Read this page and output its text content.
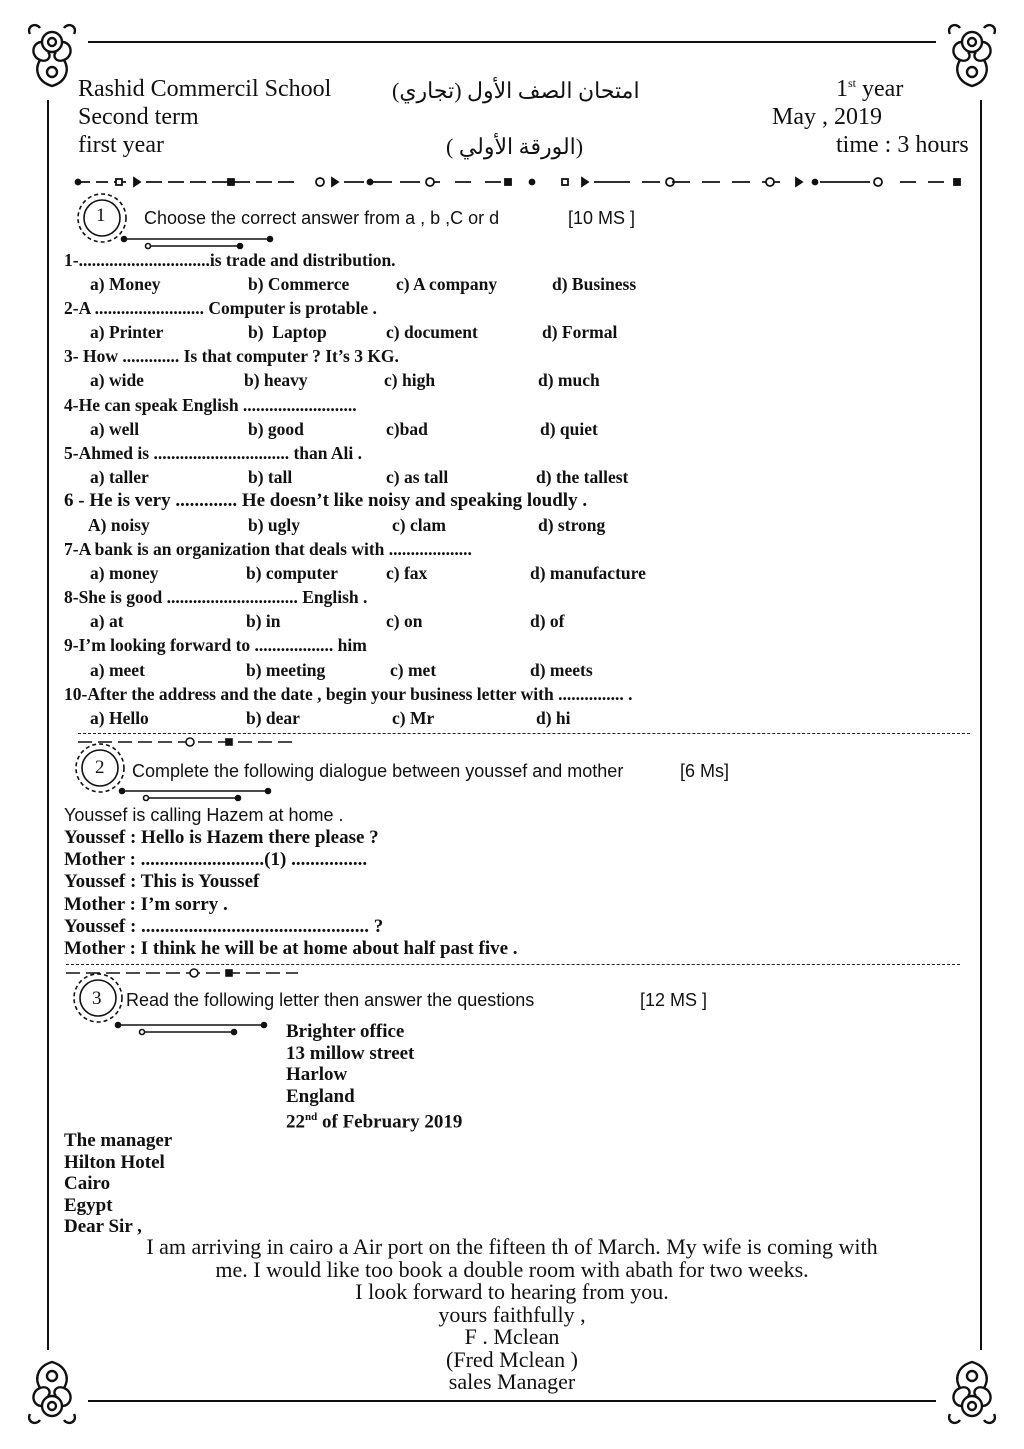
Rashid Commercil School	امتحان الصف الأول (تجاري)	1st year
Second term	May , 2019
first year	(الورقة الأولي )	time : 3 hours
1 Choose the correct answer from a , b ,C or d	[10 MS ]
1-..............................is trade and distribution.
a) Money	b) Commerce	c) A company	d) Business
2-A ......................... Computer is protable .
a) Printer	b)  Laptop	c) document	d) Formal
3- How ............. Is that computer ? It’s 3 KG.
a) wide	b) heavy	c) high	d) much
4-He can speak English ..........................
a) well	b) good	c)bad	d) quiet
5-Ahmed is ............................... than Ali .
a) taller	b) tall	c) as tall	d) the tallest
6 - He is very ............. He doesn’t like noisy and speaking loudly .
A) noisy	b) ugly	c) clam	d) strong
7-A bank is an organization that deals with ...................
a) money	b) computer	c) fax	d) manufacture
8-She is good .............................. English .
a) at	b) in	c) on	d) of
9-I’m looking forward to .................. him
a) meet	b) meeting	c) met	d) meets
10-After the address and the date , begin your business letter with ............... .
a) Hello	b) dear	c) Mr	d) hi
2 Complete the following dialogue between youssef and mother	[6 Ms]
Youssef is calling Hazem at home .
Youssef : Hello is Hazem there please ?
Mother : ..........................(1) ................
Youssef : This is Youssef
Mother : I’m sorry .
Youssef : ................................................ ?
Mother : I think he will be at home about half past five .
3 Read the following letter then answer the questions	[12 MS ]
Brighter office
13 millow street
Harlow
England
22nd of February 2019
The manager
Hilton Hotel
Cairo
Egypt
Dear Sir ,
I am arriving in cairo a Air port on the fifteen th of March. My wife is coming with
me. I would like too book a double room with abath for two weeks.
I look forward to hearing from you.
yours faithfully ,
F . Mclean
(Fred Mclean )
sales Manager
